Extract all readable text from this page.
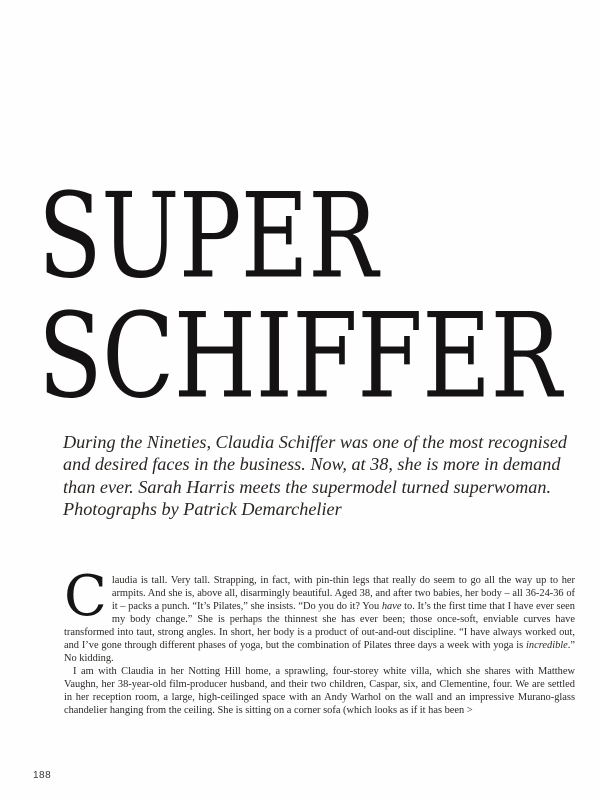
SUPER
SCHIFFER

During the Nineties, Claudia Schiffer was one of the most recognised and desired faces in the business. Now, at 38, she is more in demand than ever. Sarah Harris meets the supermodel turned superwoman. Photographs by Patrick Demarchelier

Claudia is tall. Very tall. Strapping, in fact, with pin-thin legs that really do seem to go all the way up to her armpits. And she is, above all, disarmingly beautiful. Aged 38, and after two babies, her body – all 36-24-36 of it – packs a punch. “It’s Pilates,” she insists. “Do you do it? You have to. It’s the first time that I have ever seen my body change.” She is perhaps the thinnest she has ever been; those once-soft, enviable curves have transformed into taut, strong angles. In short, her body is a product of out-and-out discipline. “I have always worked out, and I’ve gone through different phases of yoga, but the combination of Pilates three days a week with yoga is incredible.” No kidding.

I am with Claudia in her Notting Hill home, a sprawling, four-storey white villa, which she shares with Matthew Vaughn, her 38-year-old film-producer husband, and their two children, Caspar, six, and Clementine, four. We are settled in her reception room, a large, high-ceilinged space with an Andy Warhol on the wall and an impressive Murano-glass chandelier hanging from the ceiling. She is sitting on a corner sofa (which looks as if it has been >

188
